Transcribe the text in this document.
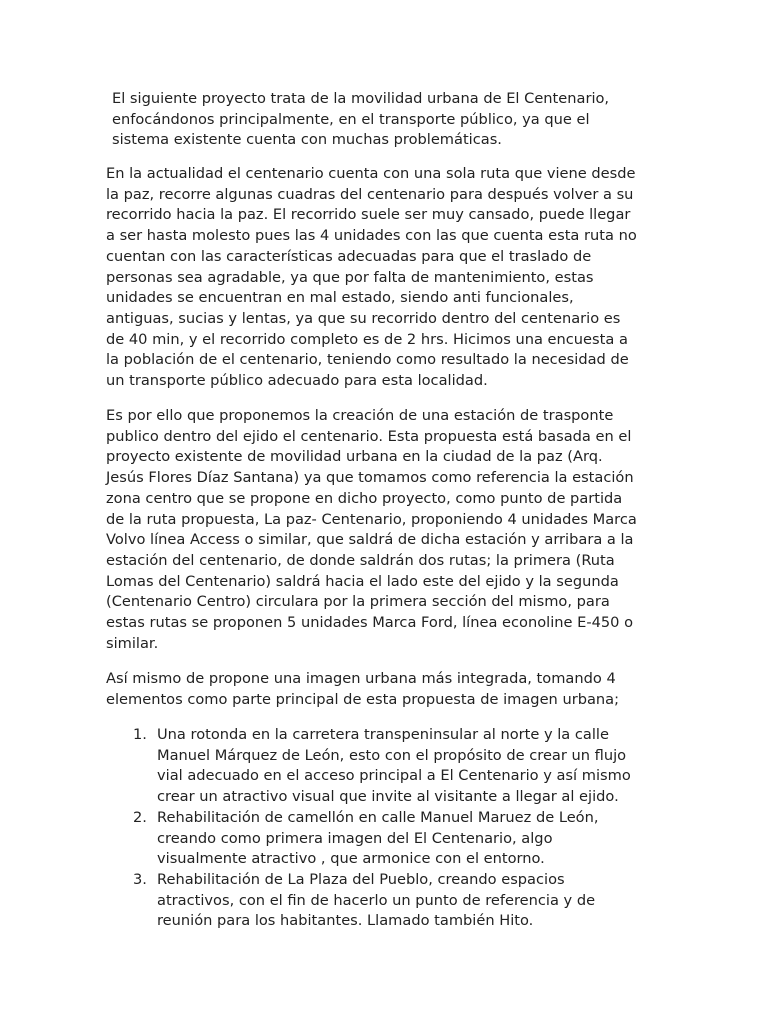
El siguiente proyecto trata de la movilidad urbana de El Centenario,
enfocándonos principalmente, en el transporte público, ya que el
sistema existente cuenta con muchas problemáticas.

En la actualidad el centenario cuenta con una sola ruta que viene desde
la paz, recorre algunas cuadras del centenario para después volver a su
recorrido hacia la paz. El recorrido suele ser muy cansado, puede llegar
a ser hasta molesto pues las 4 unidades con las que cuenta esta ruta no
cuentan con las características adecuadas para que el traslado de
personas sea agradable, ya que por falta de mantenimiento, estas
unidades se encuentran en mal estado, siendo anti funcionales,
antiguas, sucias y lentas, ya que su recorrido dentro del centenario es
de 40 min, y el recorrido completo es de 2 hrs. Hicimos una encuesta a
la población de el centenario, teniendo como resultado la necesidad de
un transporte público adecuado para esta localidad.

Es por ello que proponemos la creación de una estación de trasponte
publico dentro del ejido el centenario. Esta propuesta está basada en el
proyecto existente de movilidad urbana en la ciudad de la paz (Arq.
Jesús Flores Díaz Santana) ya que tomamos como referencia la estación
zona centro que se propone en dicho proyecto, como punto de partida
de la ruta propuesta, La paz- Centenario, proponiendo 4 unidades Marca
Volvo línea Access o similar, que saldrá de dicha estación y arribara a la
estación del centenario, de donde saldrán dos rutas; la primera (Ruta
Lomas del Centenario) saldrá hacia el lado este del ejido y la segunda
(Centenario Centro) circulara por la primera sección del mismo, para
estas rutas se proponen 5 unidades Marca Ford, línea econoline E-450 o
similar.

Así mismo de propone una imagen urbana más integrada, tomando 4
elementos como parte principal de esta propuesta de imagen urbana;

1. Una rotonda en la carretera transpeninsular al norte y la calle
Manuel Márquez de León, esto con el propósito de crear un flujo
vial adecuado en el acceso principal a El Centenario y así mismo
crear un atractivo visual que invite al visitante a llegar al ejido.
2. Rehabilitación de camellón en calle Manuel Maruez de León,
creando como primera imagen del El Centenario, algo
visualmente atractivo , que armonice con el entorno.
3. Rehabilitación de La Plaza del Pueblo, creando espacios
atractivos, con el fin de hacerlo un punto de referencia y de
reunión para los habitantes. Llamado también Hito.
